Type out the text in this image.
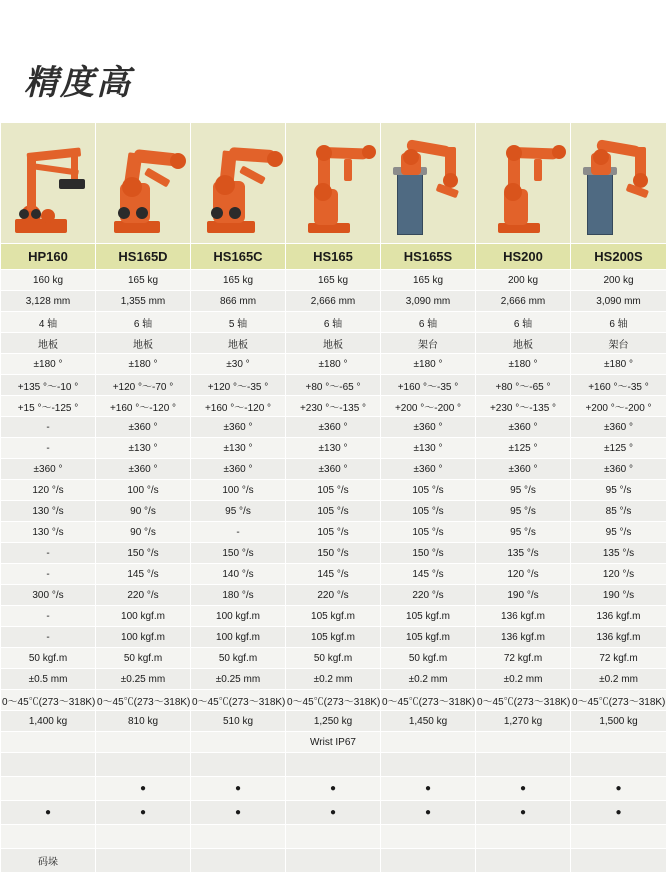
精度高

HP160	HS165D	HS165C	HS165	HS165S	HS200	HS200S
160 kg	165 kg	165 kg	165 kg	165 kg	200 kg	200 kg
3,128 mm	1,355 mm	866 mm	2,666 mm	3,090 mm	2,666 mm	3,090 mm
4 轴	6 轴	5 轴	6 轴	6 轴	6 轴	6 轴
地板	地板	地板	地板	架台	地板	架台
±180 °	±180 °	±30 °	±180 °	±180 °	±180 °	±180 °
+135 °～-10 °	+120 °～-70 °	+120 °～-35 °	+80 °～-65 °	+160 °～-35 °	+80 °～-65 °	+160 °～-35 °
+15 °～-125 °	+160 °～-120 °	+160 °～-120 °	+230 °～-135 °	+200 °～-200 °	+230 °～-135 °	+200 °～-200 °
-	±360 °	±360 °	±360 °	±360 °	±360 °	±360 °
-	±130 °	±130 °	±130 °	±130 °	±125 °	±125 °
±360 °	±360 °	±360 °	±360 °	±360 °	±360 °	±360 °
120 °/s	100 °/s	100 °/s	105 °/s	105 °/s	95 °/s	95 °/s
130 °/s	90 °/s	95 °/s	105 °/s	105 °/s	95 °/s	85 °/s
130 °/s	90 °/s	-	105 °/s	105 °/s	95 °/s	95 °/s
-	150 °/s	150 °/s	150 °/s	150 °/s	135 °/s	135 °/s
-	145 °/s	140 °/s	145 °/s	145 °/s	120 °/s	120 °/s
300 °/s	220 °/s	180 °/s	220 °/s	220 °/s	190 °/s	190 °/s
-	100 kgf.m	100 kgf.m	105 kgf.m	105 kgf.m	136 kgf.m	136 kgf.m
-	100 kgf.m	100 kgf.m	105 kgf.m	105 kgf.m	136 kgf.m	136 kgf.m
50 kgf.m	50 kgf.m	50 kgf.m	50 kgf.m	50 kgf.m	72 kgf.m	72 kgf.m
±0.5 mm	±0.25 mm	±0.25 mm	±0.2 mm	±0.2 mm	±0.2 mm	±0.2 mm
0～45℃(273～318K)	0～45℃(273～318K)	0～45℃(273～318K)	0～45℃(273～318K)	0～45℃(273～318K)	0～45℃(273～318K)	0～45℃(273～318K)
1,400 kg	810 kg	510 kg	1,250 kg	1,450 kg	1,270 kg	1,500 kg
			Wrist IP67			

	●	●	●	●	●	●
●	●	●	●	●	●	●

码垛						
